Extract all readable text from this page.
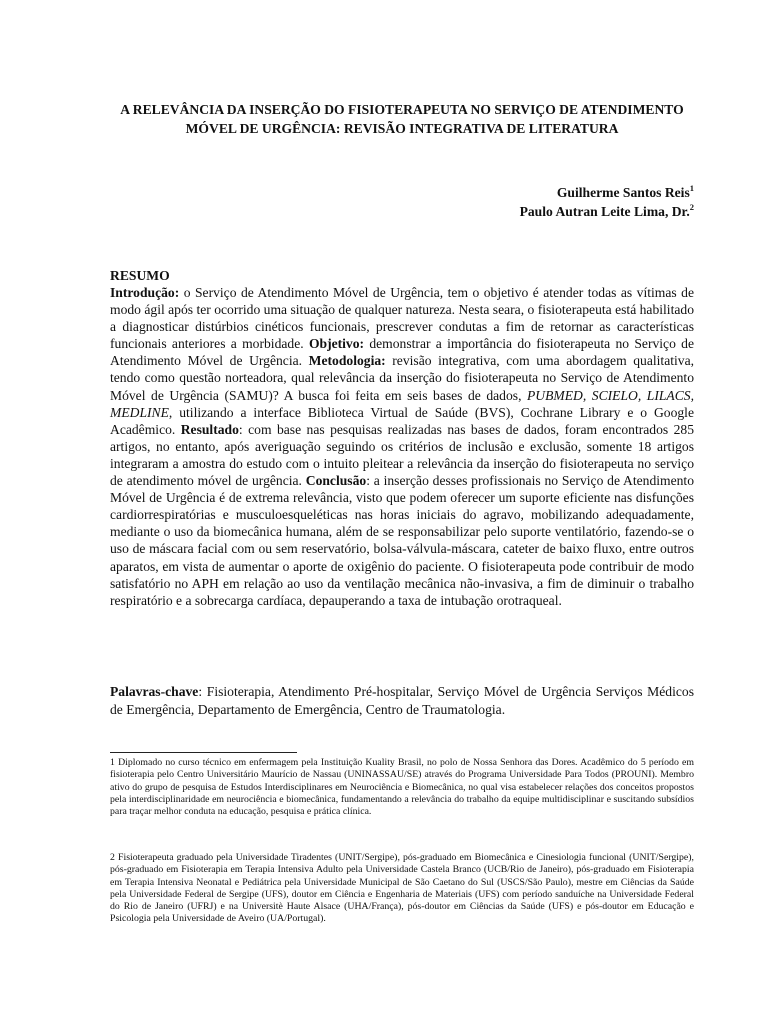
A RELEVÂNCIA DA INSERÇÃO DO FISIOTERAPEUTA NO SERVIÇO DE ATENDIMENTO MÓVEL DE URGÊNCIA: REVISÃO INTEGRATIVA DE LITERATURA
Guilherme Santos Reis$^1$
Paulo Autran Leite Lima, Dr.$^2$
RESUMO
Introdução: o Serviço de Atendimento Móvel de Urgência, tem o objetivo é atender todas as vítimas de modo ágil após ter ocorrido uma situação de qualquer natureza. Nesta seara, o fisioterapeuta está habilitado a diagnosticar distúrbios cinéticos funcionais, prescrever condutas a fim de retornar as características funcionais anteriores a morbidade. Objetivo: demonstrar a importância do fisioterapeuta no Serviço de Atendimento Móvel de Urgência. Metodologia: revisão integrativa, com uma abordagem qualitativa, tendo como questão norteadora, qual relevância da inserção do fisioterapeuta no Serviço de Atendimento Móvel de Urgência (SAMU)? A busca foi feita em seis bases de dados, PUBMED, SCIELO, LILACS, MEDLINE, utilizando a interface Biblioteca Virtual de Saúde (BVS), Cochrane Library e o Google Acadêmico. Resultado: com base nas pesquisas realizadas nas bases de dados, foram encontrados 285 artigos, no entanto, após averiguação seguindo os critérios de inclusão e exclusão, somente 18 artigos integraram a amostra do estudo com o intuito pleitear a relevância da inserção do fisioterapeuta no serviço de atendimento móvel de urgência. Conclusão: a inserção desses profissionais no Serviço de Atendimento Móvel de Urgência é de extrema relevância, visto que podem oferecer um suporte eficiente nas disfunções cardiorrespiratórias e musculoesqueléticas nas horas iniciais do agravo, mobilizando adequadamente, mediante o uso da biomecânica humana, além de se responsabilizar pelo suporte ventilatório, fazendo-se o uso de máscara facial com ou sem reservatório, bolsa-válvula-máscara, cateter de baixo fluxo, entre outros aparatos, em vista de aumentar o aporte de oxigênio do paciente. O fisioterapeuta pode contribuir de modo satisfatório no APH em relação ao uso da ventilação mecânica não-invasiva, a fim de diminuir o trabalho respiratório e a sobrecarga cardíaca, depauperando a taxa de intubação orotraqueal.
Palavras-chave: Fisioterapia, Atendimento Pré-hospitalar, Serviço Móvel de Urgência Serviços Médicos de Emergência, Departamento de Emergência, Centro de Traumatologia.
1 Diplomado no curso técnico em enfermagem pela Instituição Kuality Brasil, no polo de Nossa Senhora das Dores. Acadêmico do 5 período em fisioterapia pelo Centro Universitário Maurício de Nassau (UNINASSAU/SE) através do Programa Universidade Para Todos (PROUNI). Membro ativo do grupo de pesquisa de Estudos Interdisciplinares em Neurociência e Biomecânica, no qual visa estabelecer relações dos conceitos propostos pela interdisciplinaridade em neurociência e biomecânica, fundamentando a relevância do trabalho da equipe multidisciplinar e suscitando subsídios para traçar melhor conduta na educação, pesquisa e prática clínica.
2 Fisioterapeuta graduado pela Universidade Tiradentes (UNIT/Sergipe), pós-graduado em Biomecânica e Cinesiologia funcional (UNIT/Sergipe), pós-graduado em Fisioterapia em Terapia Intensiva Adulto pela Universidade Castela Branco (UCB/Rio de Janeiro), pós-graduado em Fisioterapia em Terapia Intensiva Neonatal e Pediátrica pela Universidade Municipal de São Caetano do Sul (USCS/São Paulo), mestre em Ciências da Saúde pela Universidade Federal de Sergipe (UFS), doutor em Ciência e Engenharia de Materiais (UFS) com período sanduíche na Universidade Federal do Rio de Janeiro (UFRJ) e na Universitè Haute Alsace (UHA/França), pós-doutor em Ciências da Saúde (UFS) e pós-doutor em Educação e Psicologia pela Universidade de Aveiro (UA/Portugal).
